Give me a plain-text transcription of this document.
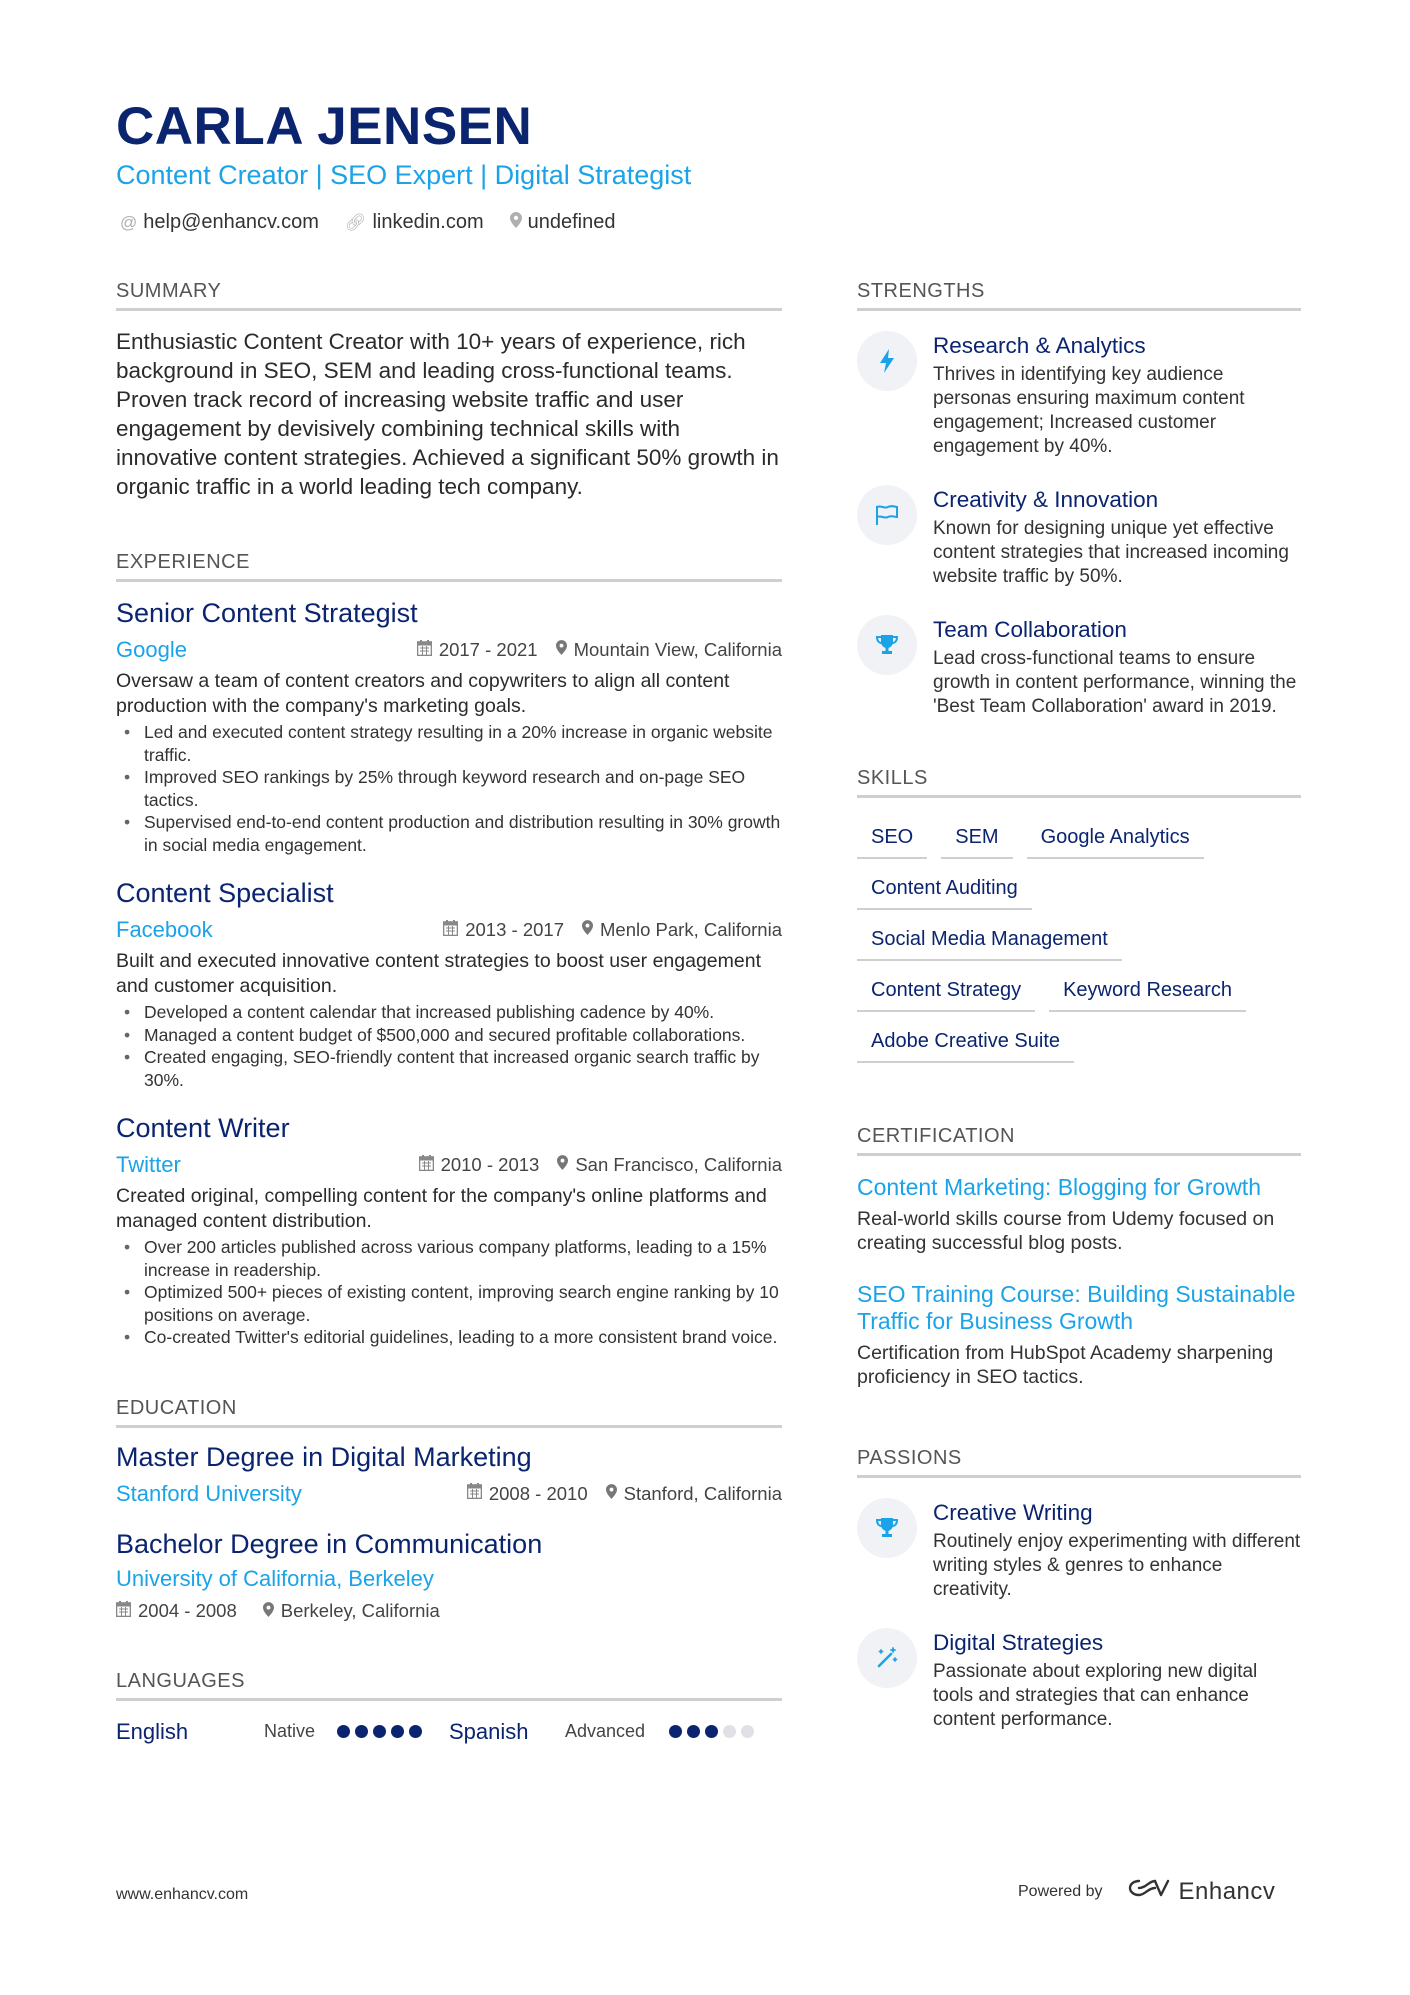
CARLA JENSEN
Content Creator | SEO Expert | Digital Strategist
@ help@enhancv.com 🔗︎ linkedin.com undefined
SUMMARY
Enthusiastic Content Creator with 10+ years of experience, rich background in SEO, SEM and leading cross-functional teams. Proven track record of increasing website traffic and user engagement by devisively combining technical skills with innovative content strategies. Achieved a significant 50% growth in organic traffic in a world leading tech company.
EXPERIENCE
Senior Content Strategist
Google	2017 - 2021 Mountain View, California
Oversaw a team of content creators and copywriters to align all content production with the company's marketing goals.
• Led and executed content strategy resulting in a 20% increase in organic website traffic.
• Improved SEO rankings by 25% through keyword research and on-page SEO tactics.
• Supervised end-to-end content production and distribution resulting in 30% growth in social media engagement.
Content Specialist
Facebook	2013 - 2017 Menlo Park, California
Built and executed innovative content strategies to boost user engagement and customer acquisition.
• Developed a content calendar that increased publishing cadence by 40%.
• Managed a content budget of $500,000 and secured profitable collaborations.
• Created engaging, SEO-friendly content that increased organic search traffic by 30%.
Content Writer
Twitter	2010 - 2013 San Francisco, California
Created original, compelling content for the company's online platforms and managed content distribution.
• Over 200 articles published across various company platforms, leading to a 15% increase in readership.
• Optimized 500+ pieces of existing content, improving search engine ranking by 10 positions on average.
• Co-created Twitter's editorial guidelines, leading to a more consistent brand voice.
EDUCATION
Master Degree in Digital Marketing
Stanford University	2008 - 2010 Stanford, California
Bachelor Degree in Communication
University of California, Berkeley
2004 - 2008 Berkeley, California
LANGUAGES
English	Native	Spanish	Advanced
STRENGTHS
Research & Analytics
Thrives in identifying key audience personas ensuring maximum content engagement; Increased customer engagement by 40%.
Creativity & Innovation
Known for designing unique yet effective content strategies that increased incoming website traffic by 50%.
Team Collaboration
Lead cross-functional teams to ensure growth in content performance, winning the 'Best Team Collaboration' award in 2019.
SKILLS
SEO	SEM	Google Analytics
Content Auditing
Social Media Management
Content Strategy	Keyword Research
Adobe Creative Suite
CERTIFICATION
Content Marketing: Blogging for Growth
Real-world skills course from Udemy focused on creating successful blog posts.
SEO Training Course: Building Sustainable Traffic for Business Growth
Certification from HubSpot Academy sharpening proficiency in SEO tactics.
PASSIONS
Creative Writing
Routinely enjoy experimenting with different writing styles & genres to enhance creativity.
Digital Strategies
Passionate about exploring new digital tools and strategies that can enhance content performance.
www.enhancv.com	Powered by	Enhancv
